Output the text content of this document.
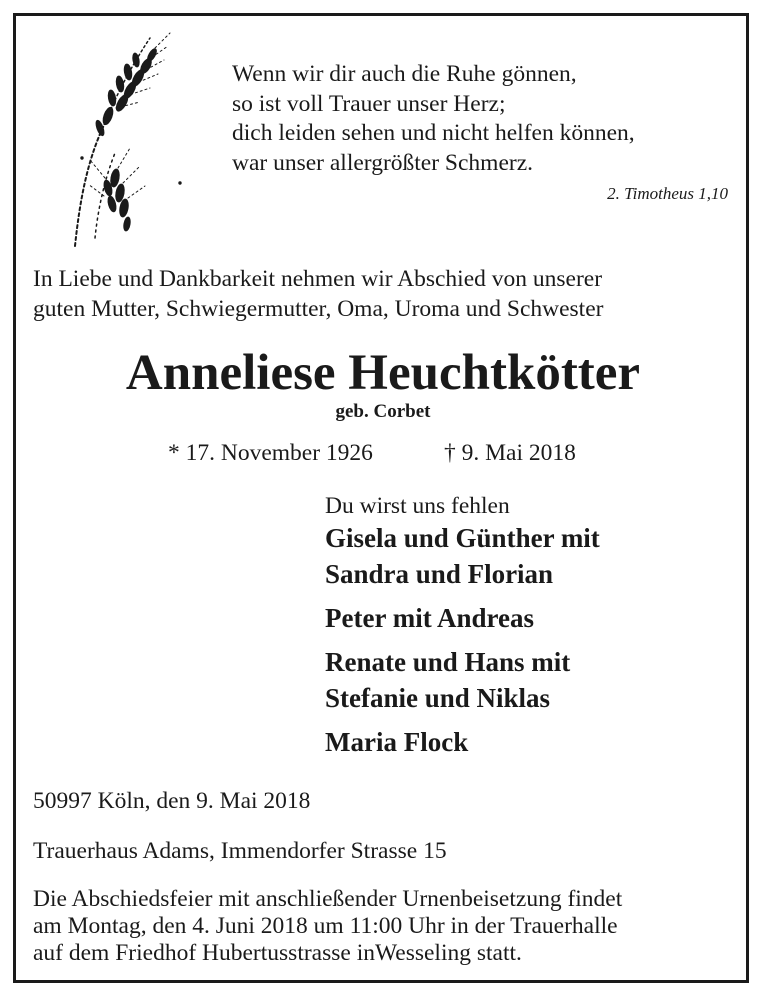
Wenn wir dir auch die Ruhe gönnen,
so ist voll Trauer unser Herz;
dich leiden sehen und nicht helfen können,
war unser allergrößter Schmerz.
2. Timotheus 1,10
In Liebe und Dankbarkeit nehmen wir Abschied von unserer
guten Mutter, Schwiegermutter, Oma, Uroma und Schwester
Anneliese Heuchtkötter
geb. Corbet
* 17. November 1926	† 9. Mai 2018
Du wirst uns fehlen
Gisela und Günther mit
Sandra und Florian
Peter mit Andreas
Renate und Hans mit
Stefanie und Niklas
Maria Flock
50997 Köln, den 9. Mai 2018
Trauerhaus Adams, Immendorfer Strasse 15
Die Abschiedsfeier mit anschließender Urnenbeisetzung findet
am Montag, den 4. Juni 2018 um 11:00 Uhr in der Trauerhalle
auf dem Friedhof Hubertusstrasse inWesseling statt.
